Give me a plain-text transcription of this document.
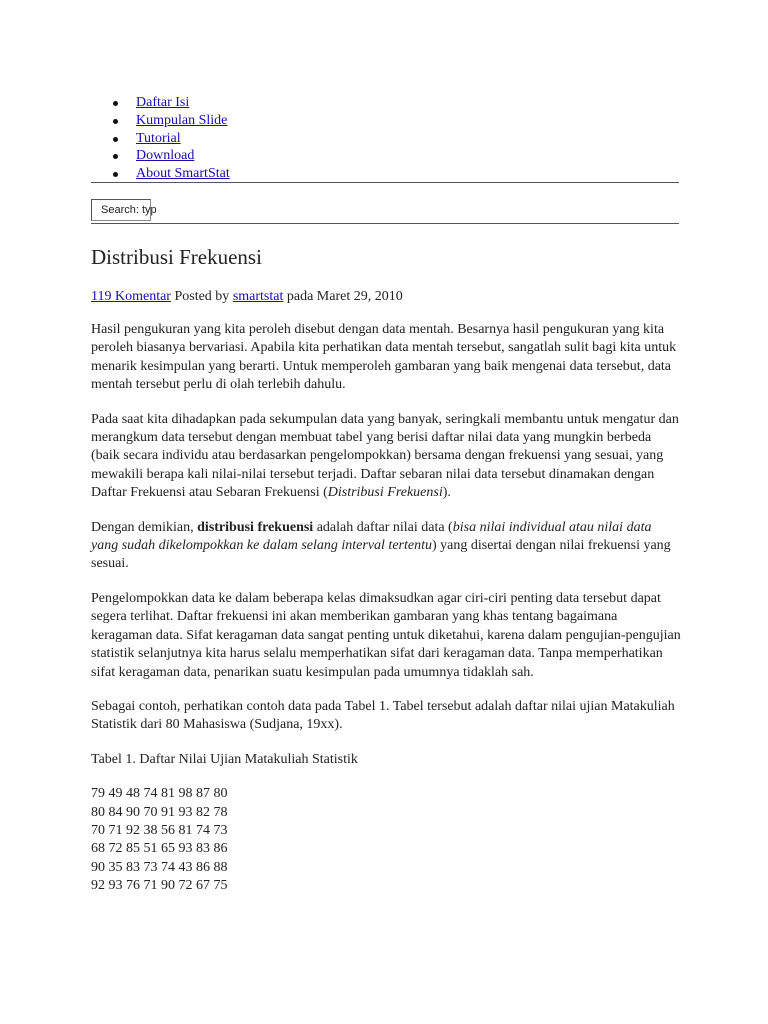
Daftar Isi
Kumpulan Slide
Tutorial
Download
About SmartStat
Search: typ
Distribusi Frekuensi
119 Komentar Posted by smartstat pada Maret 29, 2010

Hasil pengukuran yang kita peroleh disebut dengan data mentah. Besarnya hasil pengukuran yang kita peroleh biasanya bervariasi. Apabila kita perhatikan data mentah tersebut, sangatlah sulit bagi kita untuk menarik kesimpulan yang berarti. Untuk memperoleh gambaran yang baik mengenai data tersebut, data mentah tersebut perlu di olah terlebih dahulu.

Pada saat kita dihadapkan pada sekumpulan data yang banyak, seringkali membantu untuk mengatur dan merangkum data tersebut dengan membuat tabel yang berisi daftar nilai data yang mungkin berbeda (baik secara individu atau berdasarkan pengelompokkan) bersama dengan frekuensi yang sesuai, yang mewakili berapa kali nilai-nilai tersebut terjadi. Daftar sebaran nilai data tersebut dinamakan dengan Daftar Frekuensi atau Sebaran Frekuensi (Distribusi Frekuensi).

Dengan demikian, distribusi frekuensi adalah daftar nilai data (bisa nilai individual atau nilai data yang sudah dikelompokkan ke dalam selang interval tertentu) yang disertai dengan nilai frekuensi yang sesuai.

Pengelompokkan data ke dalam beberapa kelas dimaksudkan agar ciri-ciri penting data tersebut dapat segera terlihat. Daftar frekuensi ini akan memberikan gambaran yang khas tentang bagaimana keragaman data. Sifat keragaman data sangat penting untuk diketahui, karena dalam pengujian-pengujian statistik selanjutnya kita harus selalu memperhatikan sifat dari keragaman data. Tanpa memperhatikan sifat keragaman data, penarikan suatu kesimpulan pada umumnya tidaklah sah.

Sebagai contoh, perhatikan contoh data pada Tabel 1. Tabel tersebut adalah daftar nilai ujian Matakuliah Statistik dari 80 Mahasiswa (Sudjana, 19xx).

Tabel 1. Daftar Nilai Ujian Matakuliah Statistik

79 49 48 74 81 98 87 80
80 84 90 70 91 93 82 78
70 71 92 38 56 81 74 73
68 72 85 51 65 93 83 86
90 35 83 73 74 43 86 88
92 93 76 71 90 72 67 75
